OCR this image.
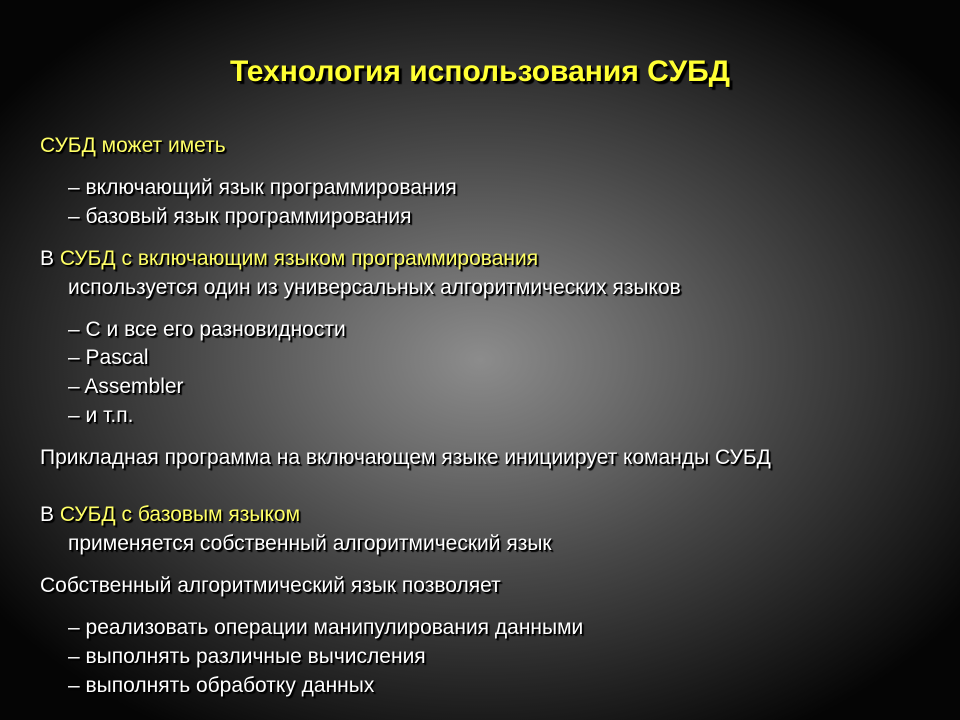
Технология использования СУБД
СУБД может иметь
– включающий язык программирования
– базовый язык программирования
В СУБД с включающим языком программирования
используется один из универсальных алгоритмических языков
– С и все его разновидности
– Pascal
– Assembler
– и т.п.
Прикладная программа на включающем языке инициирует команды СУБД
В СУБД с базовым языком
применяется собственный алгоритмический язык
Собственный алгоритмический язык позволяет
– реализовать операции манипулирования данными
– выполнять различные вычисления
– выполнять обработку данных
